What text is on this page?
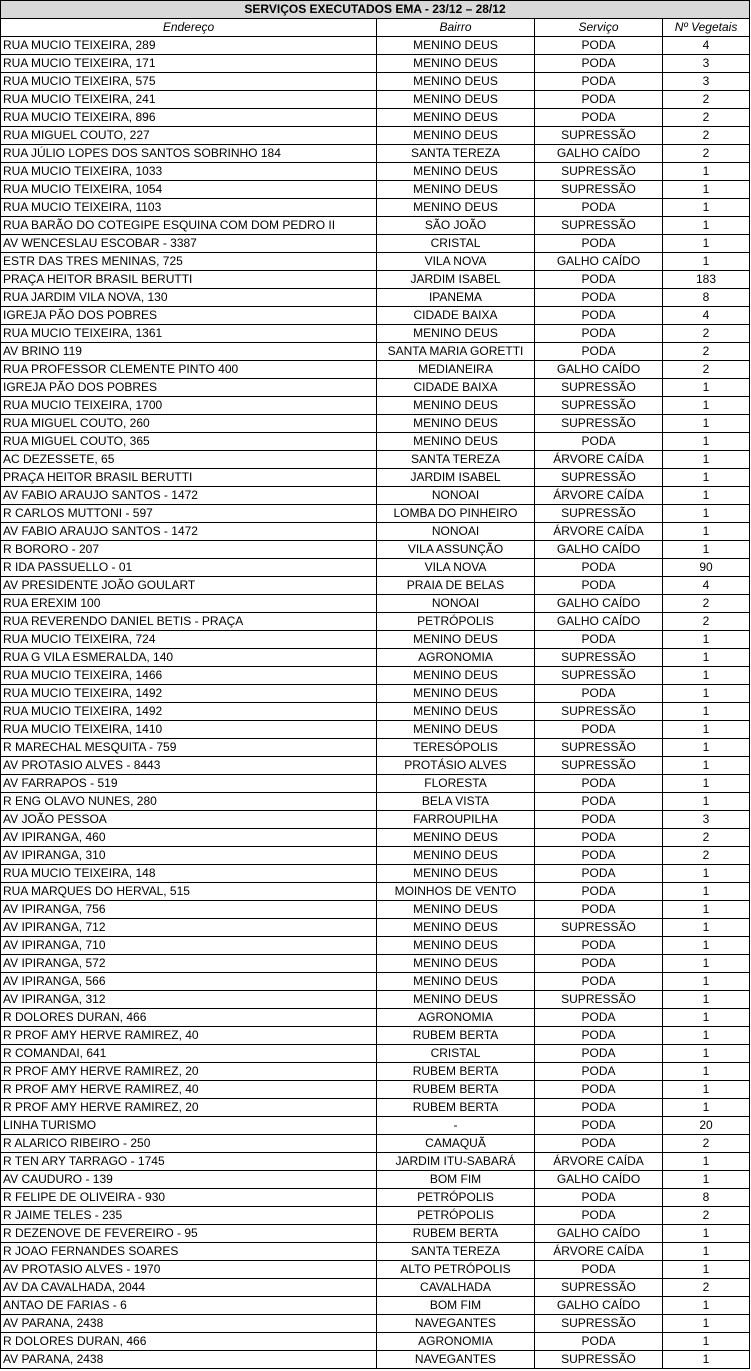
SERVIÇOS EXECUTADOS EMA - 23/12 – 28/12			
Endereço	Bairro	Serviço	Nº Vegetais
RUA MUCIO TEIXEIRA, 289	MENINO DEUS	PODA	4
RUA MUCIO TEIXEIRA, 171	MENINO DEUS	PODA	3
RUA MUCIO TEIXEIRA, 575	MENINO DEUS	PODA	3
RUA MUCIO TEIXEIRA, 241	MENINO DEUS	PODA	2
RUA MUCIO TEIXEIRA, 896	MENINO DEUS	PODA	2
RUA MIGUEL COUTO, 227	MENINO DEUS	SUPRESSÃO	2
RUA JÚLIO LOPES DOS SANTOS SOBRINHO 184	SANTA TEREZA	GALHO CAÍDO	2
RUA MUCIO TEIXEIRA, 1033	MENINO DEUS	SUPRESSÃO	1
RUA MUCIO TEIXEIRA, 1054	MENINO DEUS	SUPRESSÃO	1
RUA MUCIO TEIXEIRA, 1103	MENINO DEUS	PODA	1
RUA BARÃO DO COTEGIPE ESQUINA COM DOM PEDRO II	SÃO JOÃO	SUPRESSÃO	1
AV WENCESLAU ESCOBAR - 3387	CRISTAL	PODA	1
ESTR DAS TRES MENINAS, 725	VILA NOVA	GALHO CAÍDO	1
PRAÇA HEITOR BRASIL BERUTTI	JARDIM ISABEL	PODA	183
RUA JARDIM VILA NOVA, 130	IPANEMA	PODA	8
IGREJA PÃO DOS POBRES	CIDADE BAIXA	PODA	4
RUA MUCIO TEIXEIRA, 1361	MENINO DEUS	PODA	2
AV BRINO 119	SANTA MARIA GORETTI	PODA	2
RUA PROFESSOR CLEMENTE PINTO 400	MEDIANEIRA	GALHO CAÍDO	2
IGREJA PÃO DOS POBRES	CIDADE BAIXA	SUPRESSÃO	1
RUA MUCIO TEIXEIRA, 1700	MENINO DEUS	SUPRESSÃO	1
RUA MIGUEL COUTO, 260	MENINO DEUS	SUPRESSÃO	1
RUA MIGUEL COUTO, 365	MENINO DEUS	PODA	1
AC DEZESSETE, 65	SANTA TEREZA	ÁRVORE CAÍDA	1
PRAÇA HEITOR BRASIL BERUTTI	JARDIM ISABEL	SUPRESSÃO	1
AV FABIO ARAUJO SANTOS - 1472	NONOAI	ÁRVORE CAÍDA	1
R CARLOS MUTTONI - 597	LOMBA DO PINHEIRO	SUPRESSÃO	1
AV FABIO ARAUJO SANTOS - 1472	NONOAI	ÁRVORE CAÍDA	1
R BORORO - 207	VILA ASSUNÇÃO	GALHO CAÍDO	1
R IDA PASSUELLO - 01	VILA NOVA	PODA	90
AV PRESIDENTE JOÃO GOULART	PRAIA DE BELAS	PODA	4
RUA EREXIM 100	NONOAI	GALHO CAÍDO	2
RUA REVERENDO DANIEL BETIS - PRAÇA	PETRÓPOLIS	GALHO CAÍDO	2
RUA MUCIO TEIXEIRA, 724	MENINO DEUS	PODA	1
RUA G VILA ESMERALDA, 140	AGRONOMIA	SUPRESSÃO	1
RUA MUCIO TEIXEIRA, 1466	MENINO DEUS	SUPRESSÃO	1
RUA MUCIO TEIXEIRA, 1492	MENINO DEUS	PODA	1
RUA MUCIO TEIXEIRA, 1492	MENINO DEUS	SUPRESSÃO	1
RUA MUCIO TEIXEIRA, 1410	MENINO DEUS	PODA	1
R MARECHAL MESQUITA - 759	TERESÓPOLIS	SUPRESSÃO	1
AV PROTASIO ALVES - 8443	PROTÁSIO ALVES	SUPRESSÃO	1
AV FARRAPOS - 519	FLORESTA	PODA	1
R ENG OLAVO NUNES, 280	BELA VISTA	PODA	1
AV JOÃO PESSOA	FARROUPILHA	PODA	3
AV IPIRANGA, 460	MENINO DEUS	PODA	2
AV IPIRANGA, 310	MENINO DEUS	PODA	2
RUA MUCIO TEIXEIRA, 148	MENINO DEUS	PODA	1
RUA MARQUES DO HERVAL, 515	MOINHOS DE VENTO	PODA	1
AV IPIRANGA, 756	MENINO DEUS	PODA	1
AV IPIRANGA, 712	MENINO DEUS	SUPRESSÃO	1
AV IPIRANGA, 710	MENINO DEUS	PODA	1
AV IPIRANGA, 572	MENINO DEUS	PODA	1
AV IPIRANGA, 566	MENINO DEUS	PODA	1
AV IPIRANGA, 312	MENINO DEUS	SUPRESSÃO	1
R DOLORES DURAN, 466	AGRONOMIA	PODA	1
R PROF AMY HERVE RAMIREZ, 40	RUBEM BERTA	PODA	1
R COMANDAI, 641	CRISTAL	PODA	1
R PROF AMY HERVE RAMIREZ, 20	RUBEM BERTA	PODA	1
R PROF AMY HERVE RAMIREZ, 40	RUBEM BERTA	PODA	1
R PROF AMY HERVE RAMIREZ, 20	RUBEM BERTA	PODA	1
LINHA TURISMO	-	PODA	20
R ALARICO RIBEIRO - 250	CAMAQUÃ	PODA	2
R TEN ARY TARRAGO - 1745	JARDIM ITU-SABARÁ	ÁRVORE CAÍDA	1
AV CAUDURO - 139	BOM FIM	GALHO CAÍDO	1
R FELIPE DE OLIVEIRA - 930	PETRÓPOLIS	PODA	8
R JAIME TELES - 235	PETRÓPOLIS	PODA	2
R DEZENOVE DE FEVEREIRO - 95	RUBEM BERTA	GALHO CAÍDO	1
R JOAO FERNANDES SOARES	SANTA TEREZA	ÁRVORE CAÍDA	1
AV PROTASIO ALVES - 1970	ALTO PETRÓPOLIS	PODA	1
AV DA CAVALHADA, 2044	CAVALHADA	SUPRESSÃO	2
ANTAO DE FARIAS - 6	BOM FIM	GALHO CAÍDO	1
AV PARANA, 2438	NAVEGANTES	SUPRESSÃO	1
R DOLORES DURAN, 466	AGRONOMIA	PODA	1
AV PARANA, 2438	NAVEGANTES	SUPRESSÃO	1
